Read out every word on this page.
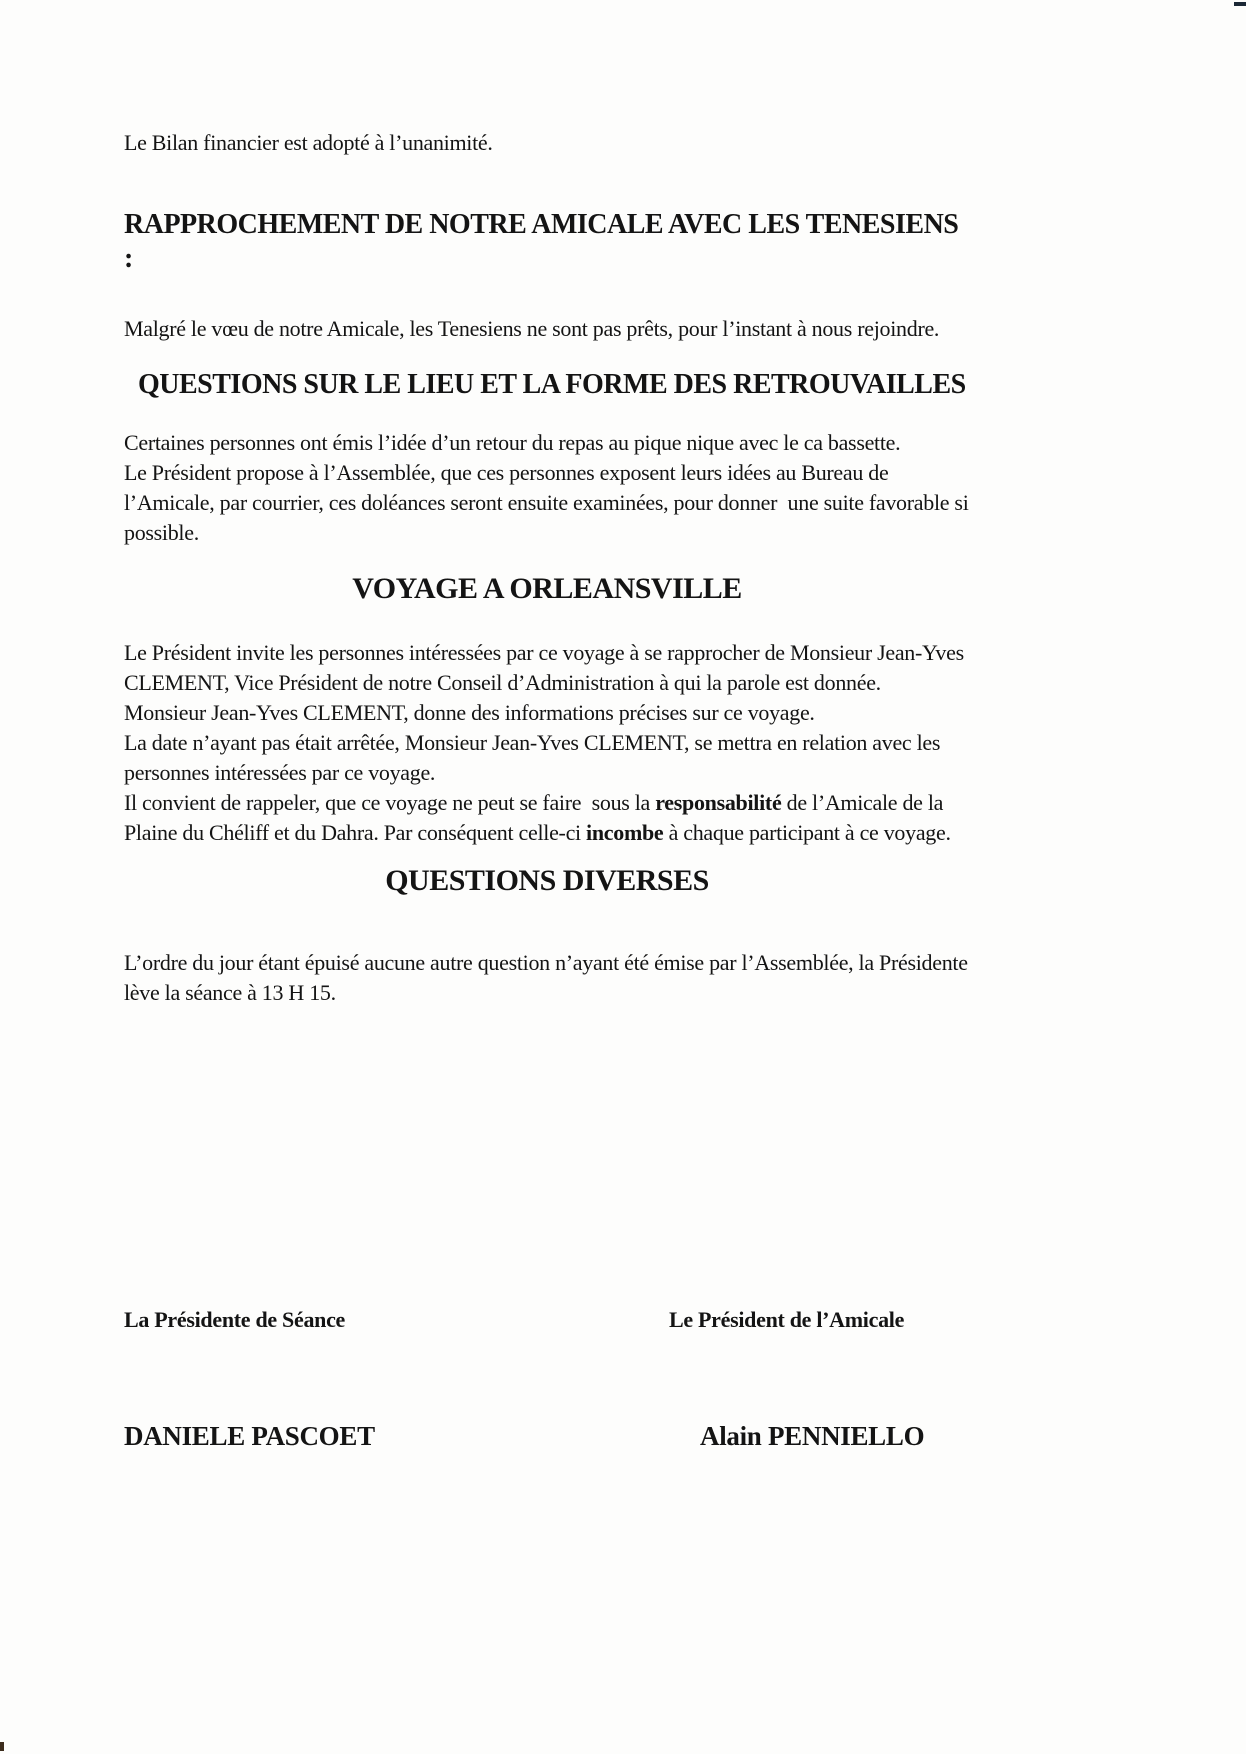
Le Bilan financier est adopté à l’unanimité.

RAPPROCHEMENT DE NOTRE AMICALE AVEC LES TENESIENS :

Malgré le vœu de notre Amicale, les Tenesiens ne sont pas prêts, pour l’instant à nous rejoindre.

QUESTIONS SUR LE LIEU ET LA FORME DES RETROUVAILLES

Certaines personnes ont émis l’idée d’un retour du repas au pique nique avec le ca bassette.

Le Président propose à l’Assemblée, que ces personnes exposent leurs idées au Bureau de l’Amicale, par courrier, ces doléances seront ensuite examinées, pour donner  une suite favorable si possible.

VOYAGE A ORLEANSVILLE

Le Président invite les personnes intéressées par ce voyage à se rapprocher de Monsieur Jean-Yves CLEMENT, Vice Président de notre Conseil d’Administration à qui la parole est donnée.

Monsieur Jean-Yves CLEMENT, donne des informations précises sur ce voyage.

La date n’ayant pas était arrêtée, Monsieur Jean-Yves CLEMENT, se mettra en relation avec les personnes intéressées par ce voyage.

Il convient de rappeler, que ce voyage ne peut se faire  sous la responsabilité de l’Amicale de la Plaine du Chéliff et du Dahra. Par conséquent celle-ci incombe à chaque participant à ce voyage.

QUESTIONS DIVERSES

L’ordre du jour étant épuisé aucune autre question n’ayant été émise par l’Assemblée, la Présidente   lève la séance à 13 H 15.

La Présidente de Séance	Le Président de l’Amicale

DANIELE PASCOET	Alain PENNIELLO
